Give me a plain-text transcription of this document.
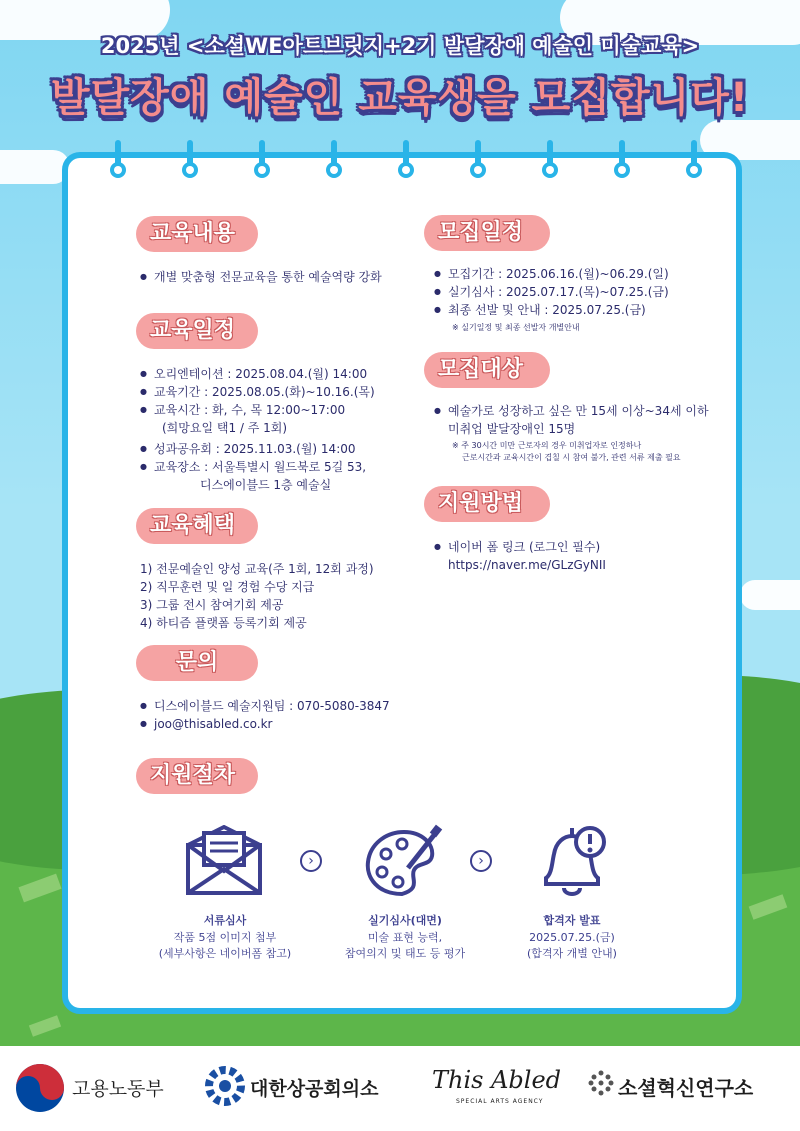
2025년 <소셜WE아트브릿지+2기 발달장애 예술인 미술교육>
발달장애 예술인 교육생을 모집합니다!
교육내용
● 개별 맞춤형 전문교육을 통한 예술역량 강화
교육일정
● 오리엔테이션 : 2025.08.04.(월) 14:00
● 교육기간 : 2025.08.05.(화)~10.16.(목)
● 교육시간 : 화, 수, 목 12:00~17:00
(희망요일 택1 / 주 1회)
● 성과공유회 : 2025.11.03.(월) 14:00
● 교육장소 : 서울특별시 월드북로 5길 53,
디스에이블드 1층 예술실
교육혜택
1) 전문예술인 양성 교육(주 1회, 12회 과정)
2) 직무훈련 및 일 경험 수당 지급
3) 그룹 전시 참여기회 제공
4) 하티즘 플랫폼 등록기회 제공
문의
● 디스에이블드 예술지원팀 : 070-5080-3847
● joo@thisabled.co.kr
지원절차
모집일정
● 모집기간 : 2025.06.16.(월)~06.29.(일)
● 실기심사 : 2025.07.17.(목)~07.25.(금)
● 최종 선발 및 안내 : 2025.07.25.(금)
※ 실기일정 및 최종 선발자 개별안내
모집대상
● 예술가로 성장하고 싶은 만 15세 이상~34세 이하
미취업 발달장애인 15명
※ 주 30시간 미만 근로자의 경우 미취업자로 인정하나
근로시간과 교육시간이 겹칠 시 참여 불가, 관련 서류 제출 필요
지원방법
● 네이버 폼 링크 (로그인 필수)
https://naver.me/GLzGyNII
›	›
서류심사
작품 5점 이미지 첨부
(세부사항은 네이버폼 참고)
실기심사(대면)
미술 표현 능력,
참여의지 및 태도 등 평가
합격자 발표
2025.07.25.(금)
(합격자 개별 안내)
고용노동부	대한상공회의소 This Abled
SPECIAL ARTS AGENCY
소셜혁신연구소
